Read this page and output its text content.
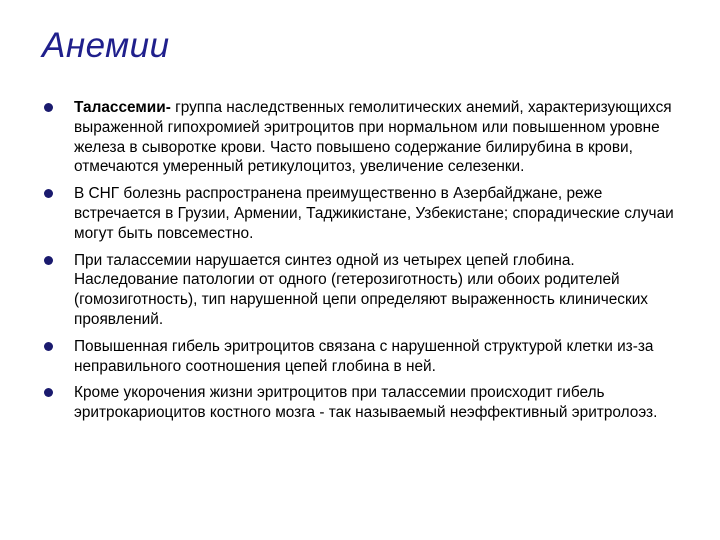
Анемии
Талассемии- группа наследственных гемолитических анемий, характеризующихся выраженной гипохромией эритроцитов при нормальном или повышенном уровне железа в сыворотке крови. Часто повышено содержание билирубина в крови, отмечаются умеренный ретикулоцитоз, увеличение селезенки.
В СНГ болезнь распространена преимущественно в Азербайджане, реже встречается в Грузии, Армении, Таджикистане, Узбекистане; спорадические случаи могут быть повсеместно.
При талассемии нарушается синтез одной из четырех цепей глобина. Наследование патологии от одного (гетерозиготность) или обоих родителей (гомозиготность), тип нарушенной цепи определяют выраженность клинических проявлений.
Повышенная гибель эритроцитов связана с нарушенной структурой клетки из-за неправильного соотношения цепей глобина в ней.
Кроме укорочения жизни эритроцитов при талассемии происходит гибель эритрокариоцитов костного мозга - так называемый неэффективный эритролоэз.
